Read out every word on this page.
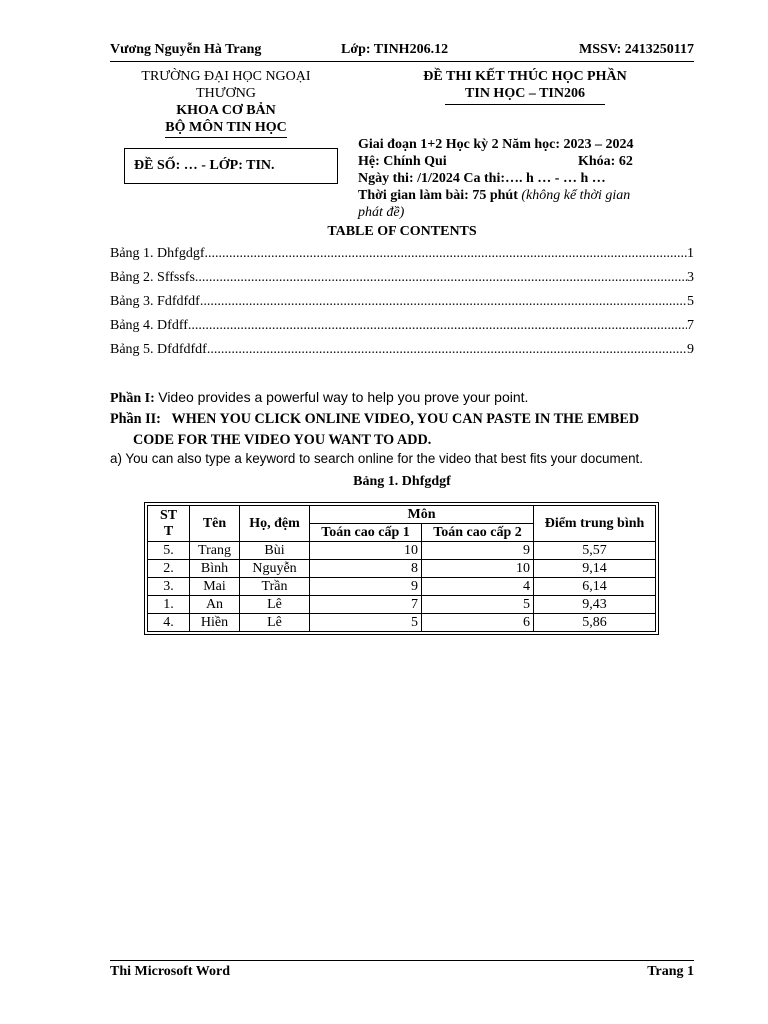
Vương Nguyễn Hà Trang	Lớp: TINH206.12	MSSV: 2413250117
TRƯỜNG ĐẠI HỌC NGOẠI
THƯƠNG
KHOA CƠ BẢN
BỘ MÔN TIN HỌC
ĐỀ SỐ: … - LỚP: TIN.
ĐỀ THI KẾT THÚC HỌC PHẦN
TIN HỌC – TIN206
Giai đoạn 1+2 Học kỳ 2 Năm học: 2023 – 2024
Hệ: Chính Qui	Khóa: 62
Ngày thi: /1/2024 Ca thi:…. h … - … h …
Thời gian làm bài: 75 phút (không kể thời gian
phát đề)
TABLE OF CONTENTS
Bảng 1. Dhfgdgf .....	1
Bảng 2. Sffssfs .....	3
Bảng 3. Fdfdfdf .....	5
Bảng 4. Dfdff .....	7
Bảng 5. Dfdfdfdf .....	9
Phần I: Video provides a powerful way to help you prove your point.
Phần II: WHEN YOU CLICK ONLINE VIDEO, YOU CAN PASTE IN THE EMBED
CODE FOR THE VIDEO YOU WANT TO ADD.
a) You can also type a keyword to search online for the video that best fits your document.
Bảng 1. Dhfgdgf
ST
T	Tên	Họ, đệm	Môn		Điểm trung bình
			Toán cao cấp 1	Toán cao cấp 2	
5.	Trang	Bùi	10	9	5,57
2.	Bình	Nguyễn	8	10	9,14
3.	Mai	Trần	9	4	6,14
1.	An	Lê	7	5	9,43
4.	Hiền	Lê	5	6	5,86
Thi Microsoft Word	Trang 1
